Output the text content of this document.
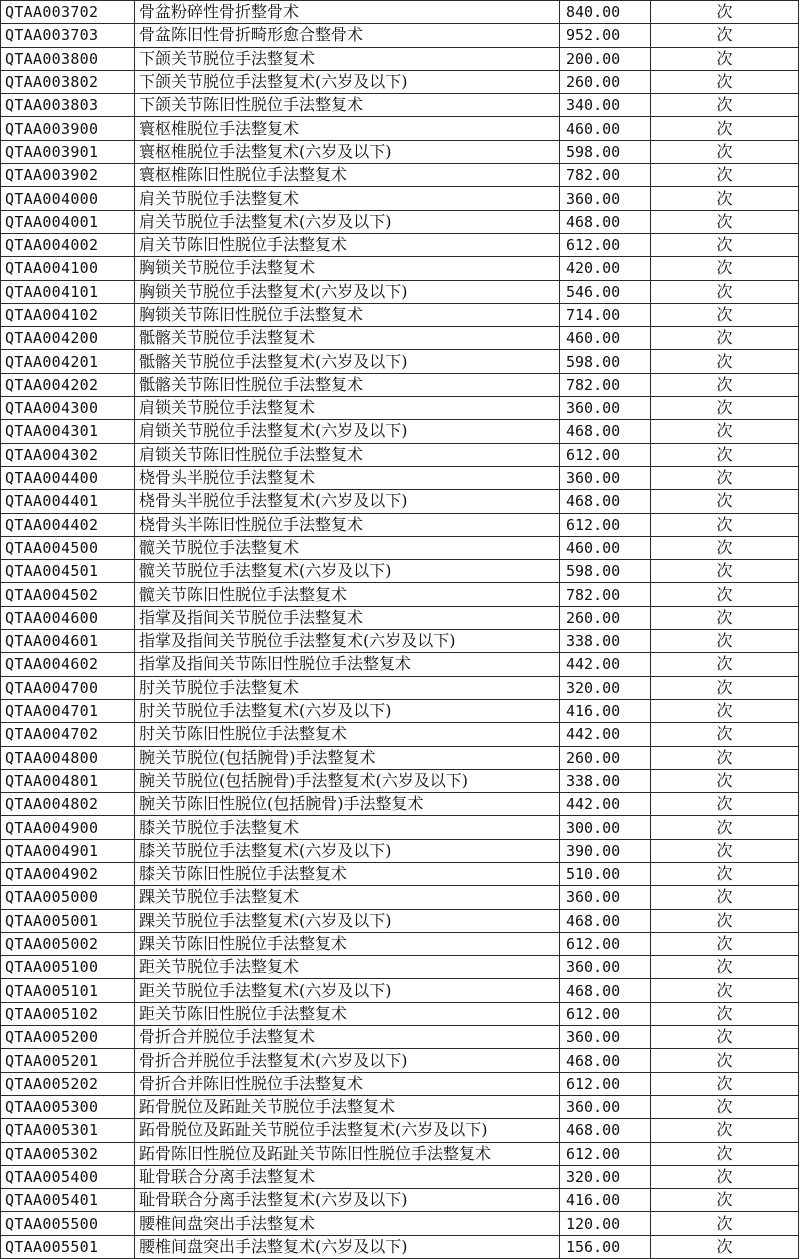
QTAA003702	骨盆粉碎性骨折整骨术	840.00	次
QTAA003703	骨盆陈旧性骨折畸形愈合整骨术	952.00	次
QTAA003800	下颌关节脱位手法整复术	200.00	次
QTAA003802	下颌关节脱位手法整复术(六岁及以下)	260.00	次
QTAA003803	下颌关节陈旧性脱位手法整复术	340.00	次
QTAA003900	寰枢椎脱位手法整复术	460.00	次
QTAA003901	寰枢椎脱位手法整复术(六岁及以下)	598.00	次
QTAA003902	寰枢椎陈旧性脱位手法整复术	782.00	次
QTAA004000	肩关节脱位手法整复术	360.00	次
QTAA004001	肩关节脱位手法整复术(六岁及以下)	468.00	次
QTAA004002	肩关节陈旧性脱位手法整复术	612.00	次
QTAA004100	胸锁关节脱位手法整复术	420.00	次
QTAA004101	胸锁关节脱位手法整复术(六岁及以下)	546.00	次
QTAA004102	胸锁关节陈旧性脱位手法整复术	714.00	次
QTAA004200	骶髂关节脱位手法整复术	460.00	次
QTAA004201	骶髂关节脱位手法整复术(六岁及以下)	598.00	次
QTAA004202	骶髂关节陈旧性脱位手法整复术	782.00	次
QTAA004300	肩锁关节脱位手法整复术	360.00	次
QTAA004301	肩锁关节脱位手法整复术(六岁及以下)	468.00	次
QTAA004302	肩锁关节陈旧性脱位手法整复术	612.00	次
QTAA004400	桡骨头半脱位手法整复术	360.00	次
QTAA004401	桡骨头半脱位手法整复术(六岁及以下)	468.00	次
QTAA004402	桡骨头半陈旧性脱位手法整复术	612.00	次
QTAA004500	髋关节脱位手法整复术	460.00	次
QTAA004501	髋关节脱位手法整复术(六岁及以下)	598.00	次
QTAA004502	髋关节陈旧性脱位手法整复术	782.00	次
QTAA004600	指掌及指间关节脱位手法整复术	260.00	次
QTAA004601	指掌及指间关节脱位手法整复术(六岁及以下)	338.00	次
QTAA004602	指掌及指间关节陈旧性脱位手法整复术	442.00	次
QTAA004700	肘关节脱位手法整复术	320.00	次
QTAA004701	肘关节脱位手法整复术(六岁及以下)	416.00	次
QTAA004702	肘关节陈旧性脱位手法整复术	442.00	次
QTAA004800	腕关节脱位(包括腕骨)手法整复术	260.00	次
QTAA004801	腕关节脱位(包括腕骨)手法整复术(六岁及以下)	338.00	次
QTAA004802	腕关节陈旧性脱位(包括腕骨)手法整复术	442.00	次
QTAA004900	膝关节脱位手法整复术	300.00	次
QTAA004901	膝关节脱位手法整复术(六岁及以下)	390.00	次
QTAA004902	膝关节陈旧性脱位手法整复术	510.00	次
QTAA005000	踝关节脱位手法整复术	360.00	次
QTAA005001	踝关节脱位手法整复术(六岁及以下)	468.00	次
QTAA005002	踝关节陈旧性脱位手法整复术	612.00	次
QTAA005100	距关节脱位手法整复术	360.00	次
QTAA005101	距关节脱位手法整复术(六岁及以下)	468.00	次
QTAA005102	距关节陈旧性脱位手法整复术	612.00	次
QTAA005200	骨折合并脱位手法整复术	360.00	次
QTAA005201	骨折合并脱位手法整复术(六岁及以下)	468.00	次
QTAA005202	骨折合并陈旧性脱位手法整复术	612.00	次
QTAA005300	跖骨脱位及跖趾关节脱位手法整复术	360.00	次
QTAA005301	跖骨脱位及跖趾关节脱位手法整复术(六岁及以下)	468.00	次
QTAA005302	跖骨陈旧性脱位及跖趾关节陈旧性脱位手法整复术	612.00	次
QTAA005400	耻骨联合分离手法整复术	320.00	次
QTAA005401	耻骨联合分离手法整复术(六岁及以下)	416.00	次
QTAA005500	腰椎间盘突出手法整复术	120.00	次
QTAA005501	腰椎间盘突出手法整复术(六岁及以下)	156.00	次
